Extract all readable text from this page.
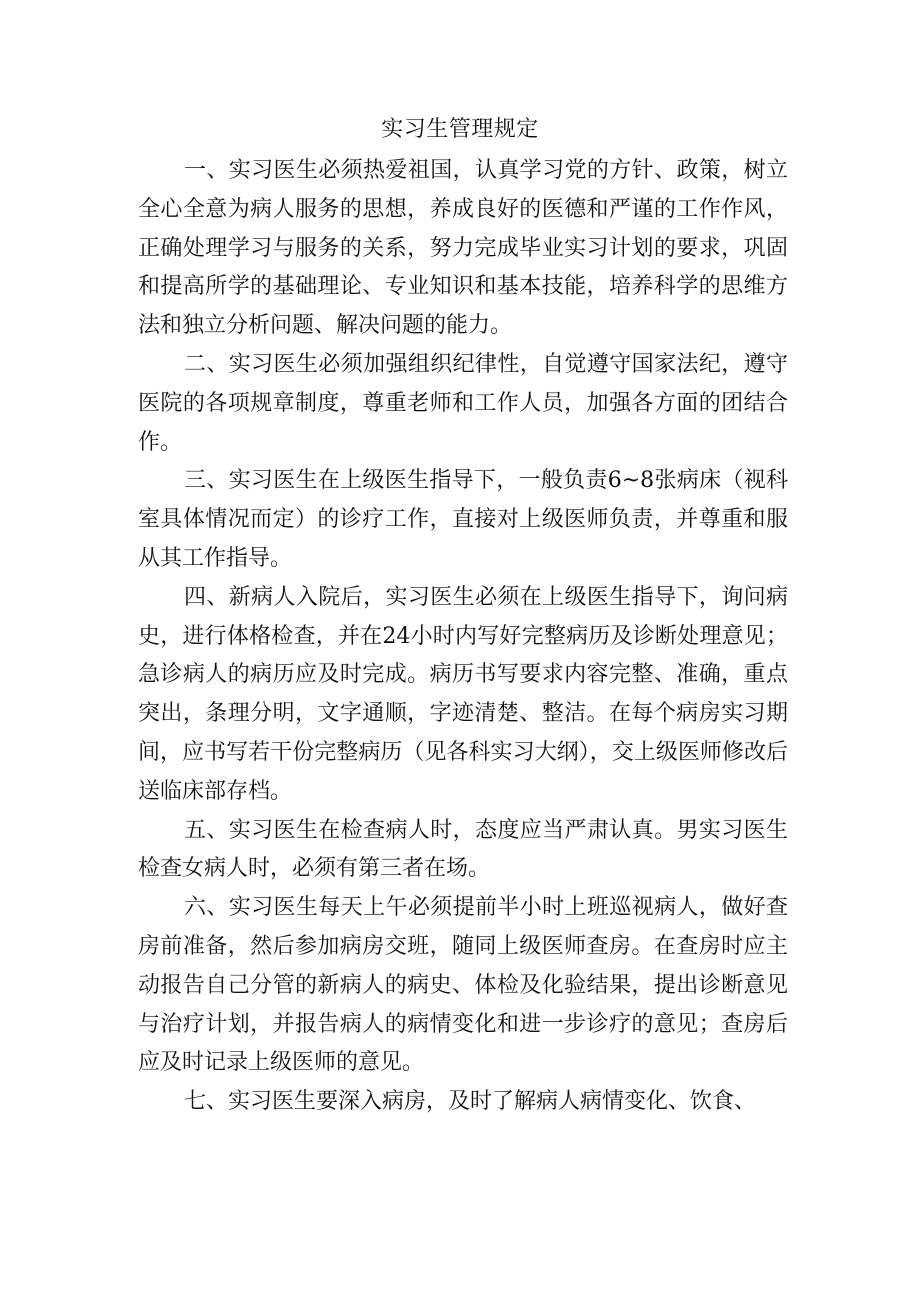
实习生管理规定

一、实习医生必须热爱祖国，认真学习党的方针、政策，树立全心全意为病人服务的思想，养成良好的医德和严谨的工作作风，正确处理学习与服务的关系，努力完成毕业实习计划的要求，巩固和提高所学的基础理论、专业知识和基本技能，培养科学的思维方法和独立分析问题、解决问题的能力。

二、实习医生必须加强组织纪律性，自觉遵守国家法纪，遵守医院的各项规章制度，尊重老师和工作人员，加强各方面的团结合作。

三、实习医生在上级医生指导下，一般负责6~8张病床（视科室具体情况而定）的诊疗工作，直接对上级医师负责，并尊重和服从其工作指导。

四、新病人入院后，实习医生必须在上级医生指导下，询问病史，进行体格检查，并在24小时内写好完整病历及诊断处理意见；急诊病人的病历应及时完成。病历书写要求内容完整、准确，重点突出，条理分明，文字通顺，字迹清楚、整洁。在每个病房实习期间，应书写若干份完整病历（见各科实习大纲），交上级医师修改后送临床部存档。

五、实习医生在检查病人时，态度应当严肃认真。男实习医生检查女病人时，必须有第三者在场。

六、实习医生每天上午必须提前半小时上班巡视病人，做好查房前准备，然后参加病房交班，随同上级医师查房。在查房时应主动报告自己分管的新病人的病史、体检及化验结果，提出诊断意见与治疗计划，并报告病人的病情变化和进一步诊疗的意见；查房后应及时记录上级医师的意见。

七、实习医生要深入病房，及时了解病人病情变化、饮食、
